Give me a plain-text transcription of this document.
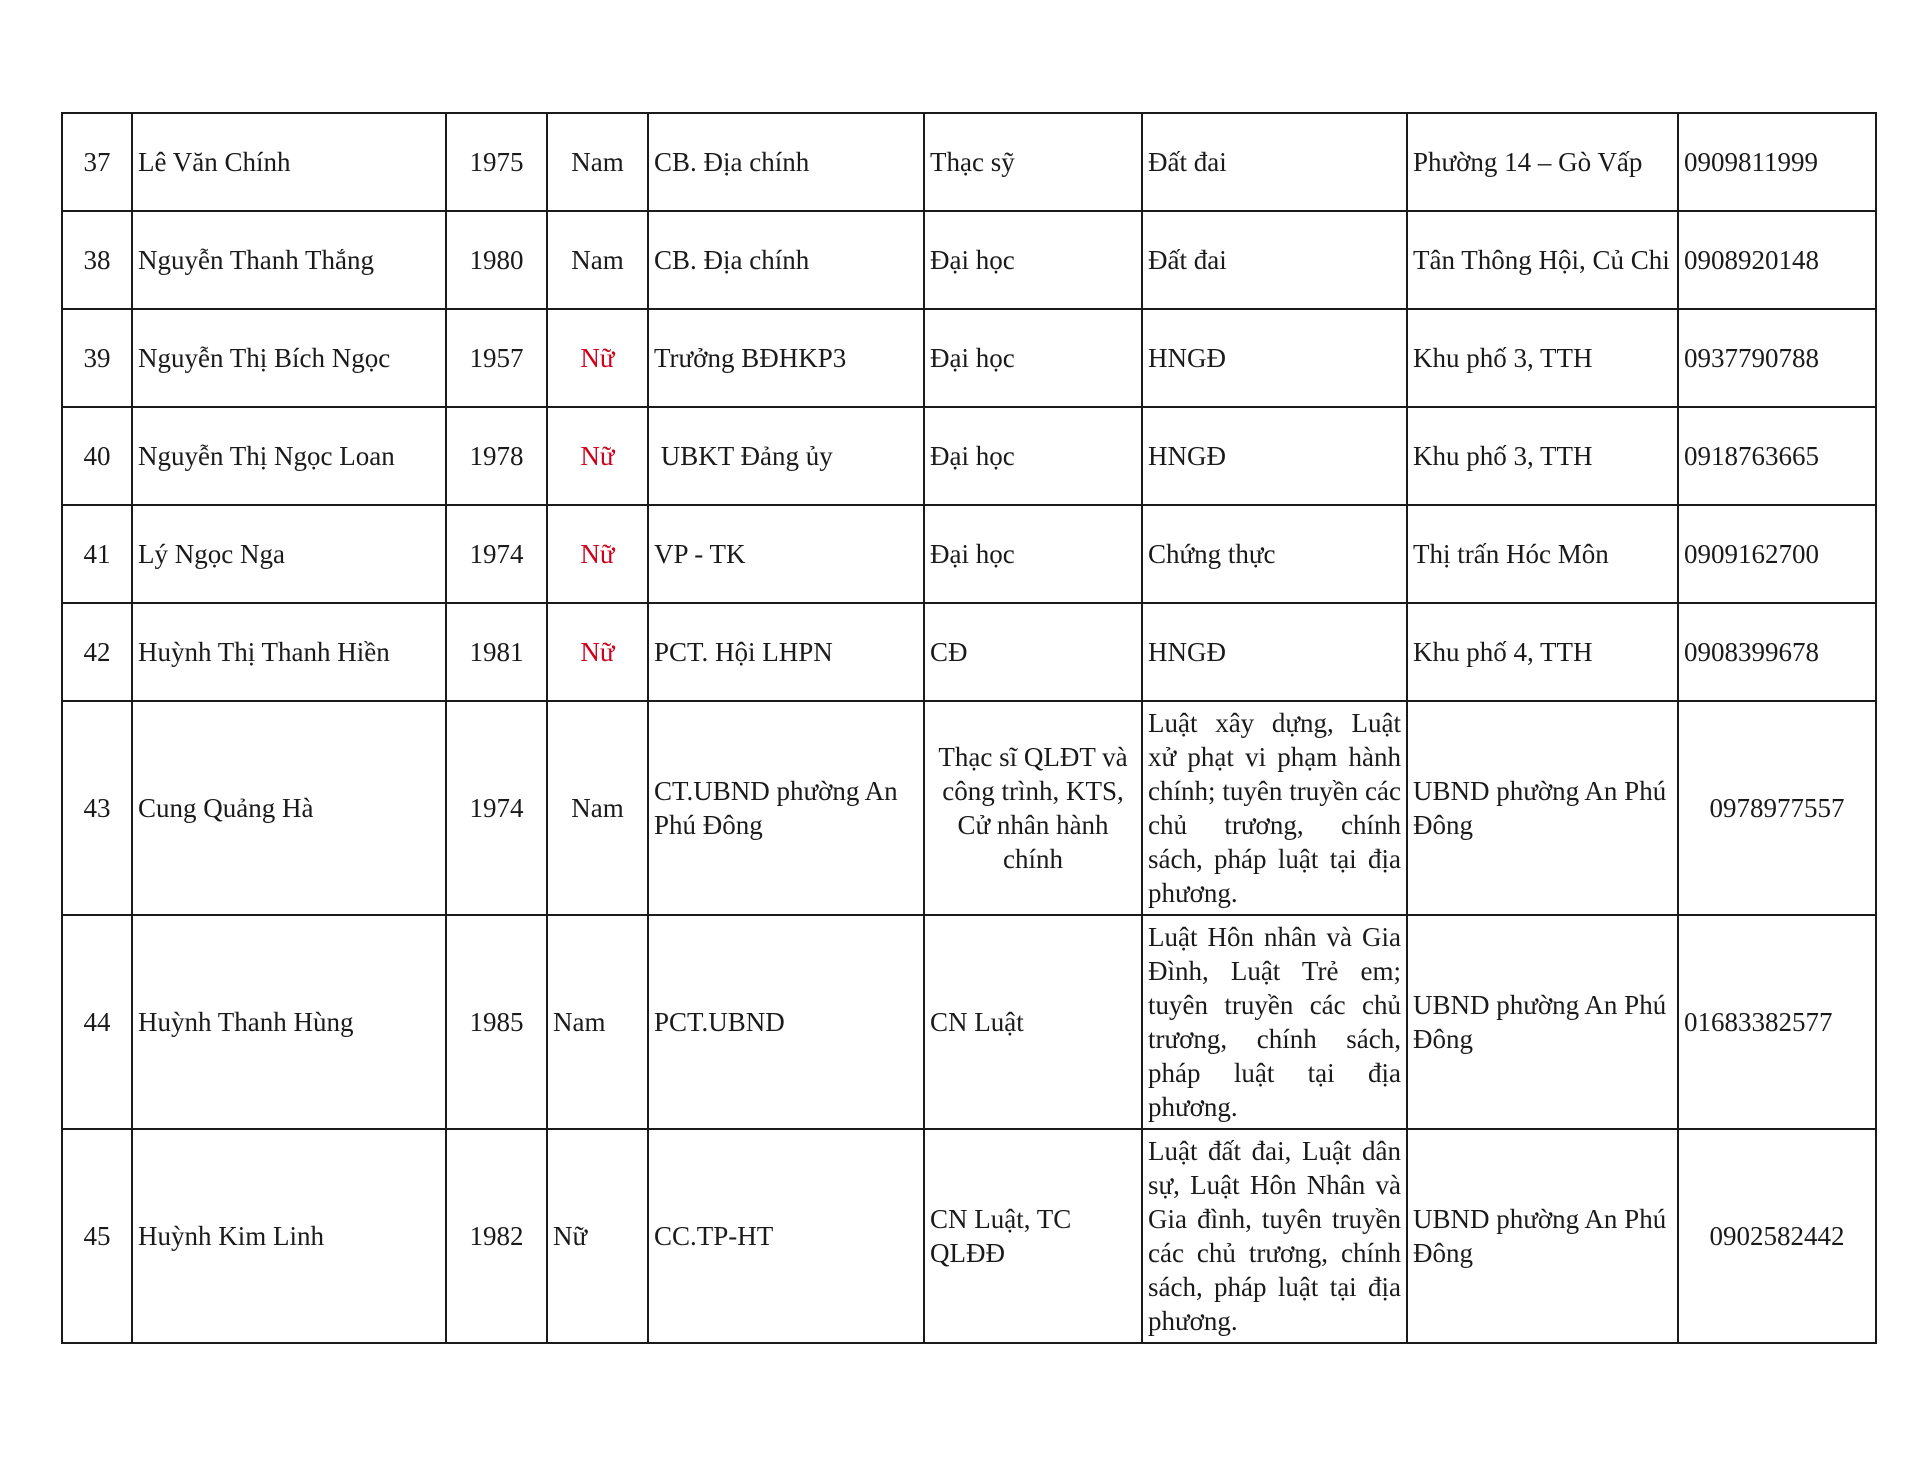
37	Lê Văn Chính	1975	Nam	CB. Địa chính	Thạc sỹ	Đất đai	Phường 14 – Gò Vấp	0909811999
38	Nguyễn Thanh Thắng	1980	Nam	CB. Địa chính	Đại học	Đất đai	Tân Thông Hội, Củ Chi	0908920148
39	Nguyễn Thị Bích Ngọc	1957	Nữ	Trưởng BĐHKP3	Đại học	HNGĐ	Khu phố 3, TTH	0937790788
40	Nguyễn Thị Ngọc Loan	1978	Nữ	UBKT Đảng ủy	Đại học	HNGĐ	Khu phố 3, TTH	0918763665
41	Lý Ngọc Nga	1974	Nữ	VP - TK	Đại học	Chứng thực	Thị trấn Hóc Môn	0909162700
42	Huỳnh Thị Thanh Hiền	1981	Nữ	PCT. Hội LHPN	CĐ	HNGĐ	Khu phố 4, TTH	0908399678
43	Cung Quảng Hà	1974	Nam	CT.UBND phường An Phú Đông	Thạc sĩ QLĐT và công trình, KTS, Cử nhân hành chính	Luật xây dựng, Luật xử phạt vi phạm hành chính; tuyên truyền các chủ trương, chính sách, pháp luật tại địa phương.	UBND phường An Phú Đông	0978977557
44	Huỳnh Thanh Hùng	1985	Nam	PCT.UBND	CN Luật	Luật Hôn nhân và Gia Đình, Luật Trẻ em; tuyên truyền các chủ trương, chính sách, pháp luật tại địa phương.	UBND phường An Phú Đông	01683382577
45	Huỳnh Kim Linh	1982	Nữ	CC.TP-HT	CN Luật, TC QLĐĐ	Luật đất đai, Luật dân sự, Luật Hôn Nhân và Gia đình, tuyên truyền các chủ trương, chính sách, pháp luật tại địa phương.	UBND phường An Phú Đông	0902582442
